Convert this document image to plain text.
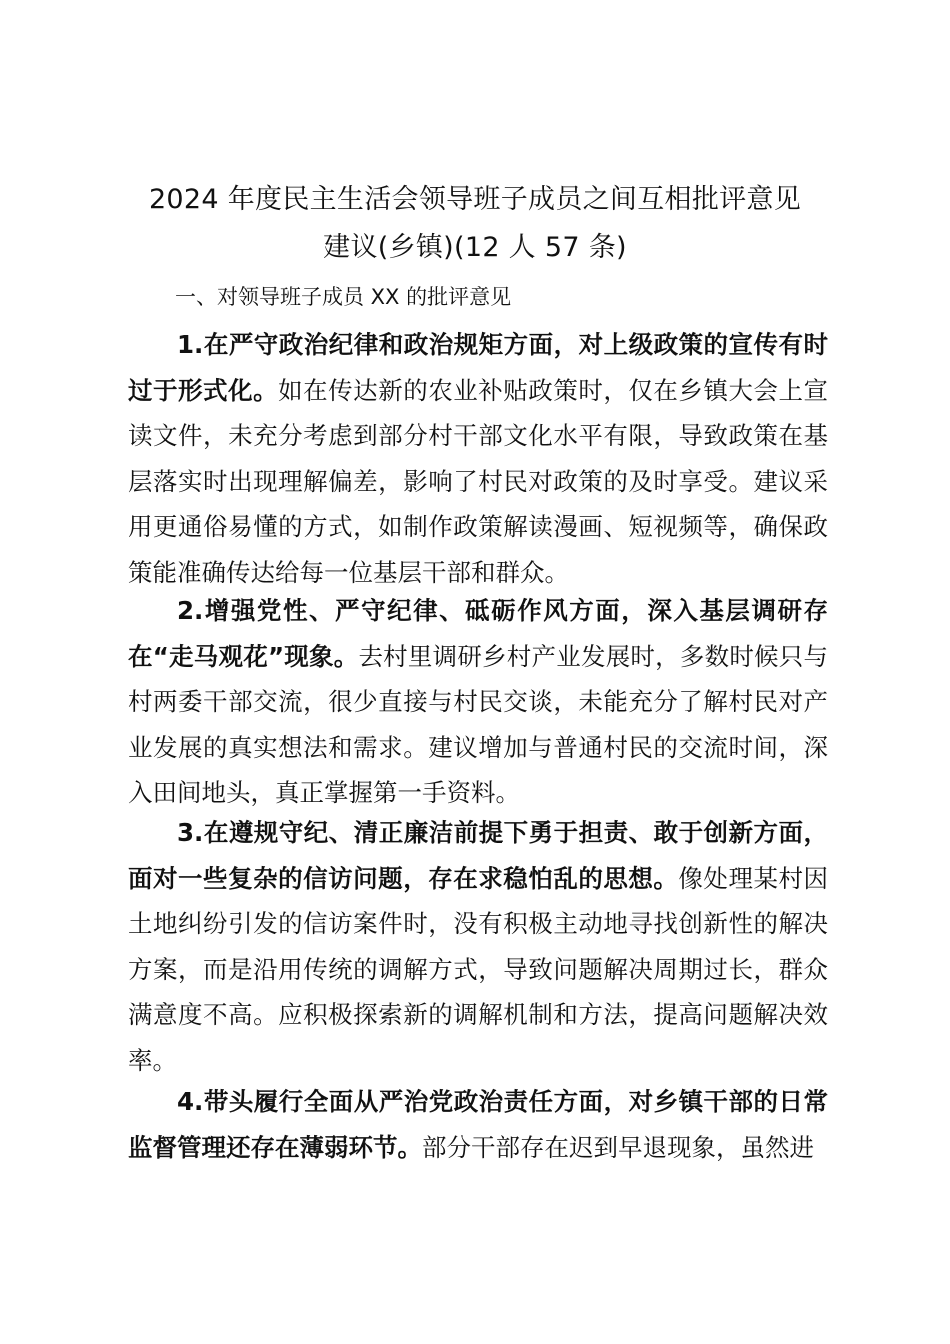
2024 年度民主生活会领导班子成员之间互相批评意见
建议(乡镇)(12 人 57 条)
一、对领导班子成员 XX 的批评意见

1.在严守政治纪律和政治规矩方面，对上级政策的宣传有时过于形式化。如在传达新的农业补贴政策时，仅在乡镇大会上宣读文件，未充分考虑到部分村干部文化水平有限，导致政策在基层落实时出现理解偏差，影响了村民对政策的及时享受。建议采用更通俗易懂的方式，如制作政策解读漫画、短视频等，确保政策能准确传达给每一位基层干部和群众。

2.增强党性、严守纪律、砥砺作风方面，深入基层调研存在“走马观花”现象。去村里调研乡村产业发展时，多数时候只与村两委干部交流，很少直接与村民交谈，未能充分了解村民对产业发展的真实想法和需求。建议增加与普通村民的交流时间，深入田间地头，真正掌握第一手资料。

3.在遵规守纪、清正廉洁前提下勇于担责、敢于创新方面，面对一些复杂的信访问题，存在求稳怕乱的思想。像处理某村因土地纠纷引发的信访案件时，没有积极主动地寻找创新性的解决方案，而是沿用传统的调解方式，导致问题解决周期过长，群众满意度不高。应积极探索新的调解机制和方法，提高问题解决效率。

4.带头履行全面从严治党政治责任方面，对乡镇干部的日常监督管理还存在薄弱环节。部分干部存在迟到早退现象，虽然进
